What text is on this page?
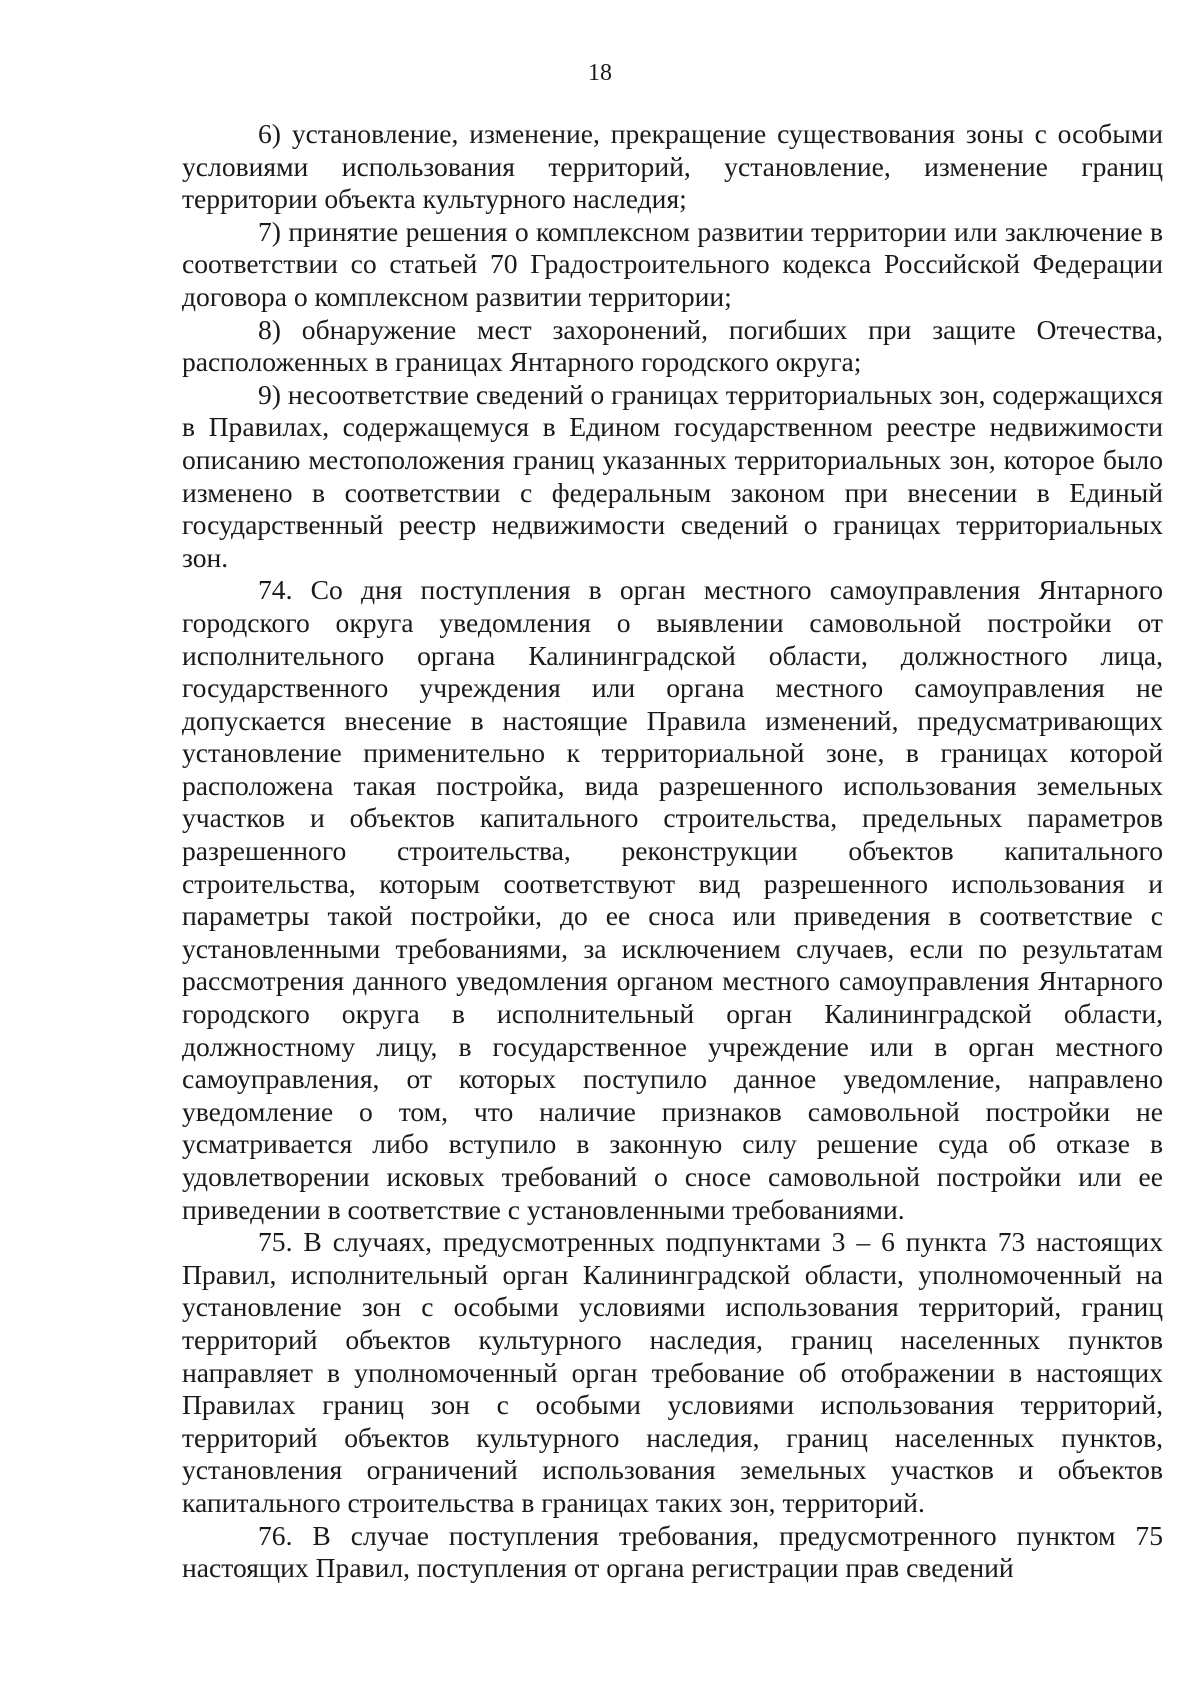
18

6) установление, изменение, прекращение существования зоны с особыми условиями использования территорий, установление, изменение границ территории объекта культурного наследия;

7) принятие решения о комплексном развитии территории или заключение в соответствии со статьей 70 Градостроительного кодекса Российской Федерации договора о комплексном развитии территории;

8) обнаружение мест захоронений, погибших при защите Отечества, расположенных в границах Янтарного городского округа;

9) несоответствие сведений о границах территориальных зон, содержащихся в Правилах, содержащемуся в Едином государственном реестре недвижимости описанию местоположения границ указанных территориальных зон, которое было изменено в соответствии с федеральным законом при внесении в Единый государственный реестр недвижимости сведений о границах территориальных зон.

74. Со дня поступления в орган местного самоуправления Янтарного городского округа уведомления о выявлении самовольной постройки от исполнительного органа Калининградской области, должностного лица, государственного учреждения или органа местного самоуправления не допускается внесение в настоящие Правила изменений, предусматривающих установление применительно к территориальной зоне, в границах которой расположена такая постройка, вида разрешенного использования земельных участков и объектов капитального строительства, предельных параметров разрешенного строительства, реконструкции объектов капитального строительства, которым соответствуют вид разрешенного использования и параметры такой постройки, до ее сноса или приведения в соответствие с установленными требованиями, за исключением случаев, если по результатам рассмотрения данного уведомления органом местного самоуправления Янтарного городского округа в исполнительный орган Калининградской области, должностному лицу, в государственное учреждение или в орган местного самоуправления, от которых поступило данное уведомление, направлено уведомление о том, что наличие признаков самовольной постройки не усматривается либо вступило в законную силу решение суда об отказе в удовлетворении исковых требований о сносе самовольной постройки или ее приведении в соответствие с установленными требованиями.

75. В случаях, предусмотренных подпунктами 3 – 6 пункта 73 настоящих Правил, исполнительный орган Калининградской области, уполномоченный на установление зон с особыми условиями использования территорий, границ территорий объектов культурного наследия, границ населенных пунктов направляет в уполномоченный орган требование об отображении в настоящих Правилах границ зон с особыми условиями использования территорий, территорий объектов культурного наследия, границ населенных пунктов, установления ограничений использования земельных участков и объектов капитального строительства в границах таких зон, территорий.

76. В случае поступления требования, предусмотренного пунктом 75 настоящих Правил, поступления от органа регистрации прав сведений
